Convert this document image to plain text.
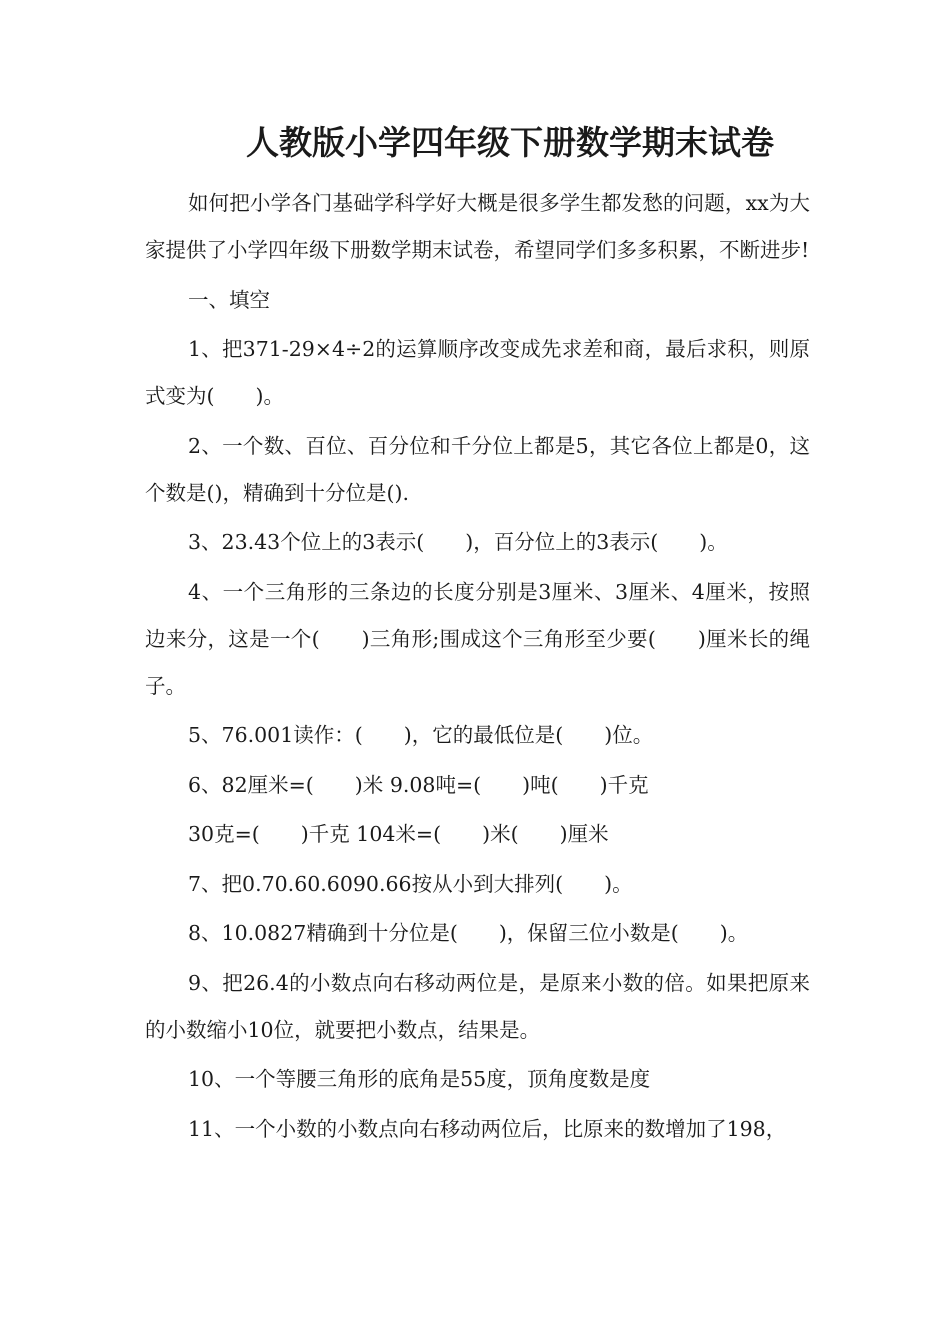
人教版小学四年级下册数学期末试卷

如何把小学各门基础学科学好大概是很多学生都发愁的问题，xx为大家提供了小学四年级下册数学期末试卷，希望同学们多多积累，不断进步!

一、填空

1、把371-29×4÷2的运算顺序改变成先求差和商，最后求积，则原式变为(　　)。

2、一个数、百位、百分位和千分位上都是5，其它各位上都是0，这个数是()，精确到十分位是().

3、23.43个位上的3表示(　　)，百分位上的3表示(　　)。

4、一个三角形的三条边的长度分别是3厘米、3厘米、4厘米，按照边来分，这是一个(　　)三角形;围成这个三角形至少要(　　)厘米长的绳子。

5、76.001读作：(　　)，它的最低位是(　　)位。

6、82厘米=(　　)米 9.08吨=(　　)吨(　　)千克

30克=(　　)千克 104米=(　　)米(　　)厘米

7、把0.70.60.6090.66按从小到大排列(　　)。

8、10.0827精确到十分位是(　　)，保留三位小数是(　　)。

9、把26.4的小数点向右移动两位是，是原来小数的倍。如果把原来的小数缩小10位，就要把小数点，结果是。

10、一个等腰三角形的底角是55度，顶角度数是度

11、一个小数的小数点向右移动两位后，比原来的数增加了198，
